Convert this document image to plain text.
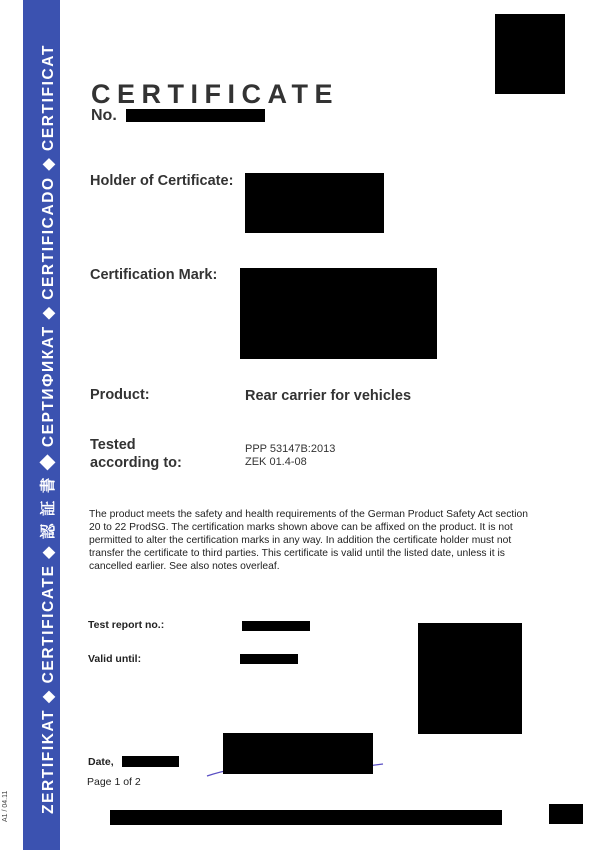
ZERTIFIKAT ◆ CERTIFICATE ◆ 認 証 書 ◆ СЕРТИФИКАТ ◆ CERTIFICADO ◆ CERTIFICAT
A1 / 04.11
CERTIFICATE
No.
Holder of Certificate:
Certification Mark:
Product:	Rear carrier for vehicles
Tested
according to:
PPP 53147B:2013
ZEK 01.4-08
The product meets the safety and health requirements of the German Product Safety Act section 20 to 22 ProdSG. The certification marks shown above can be affixed on the product. It is not permitted to alter the certification marks in any way. In addition the certificate holder must not transfer the certificate to third parties. This certificate is valid until the listed date, unless it is cancelled earlier. See also notes overleaf.
Test report no.:
Valid until:
Date,
Page 1 of 2
